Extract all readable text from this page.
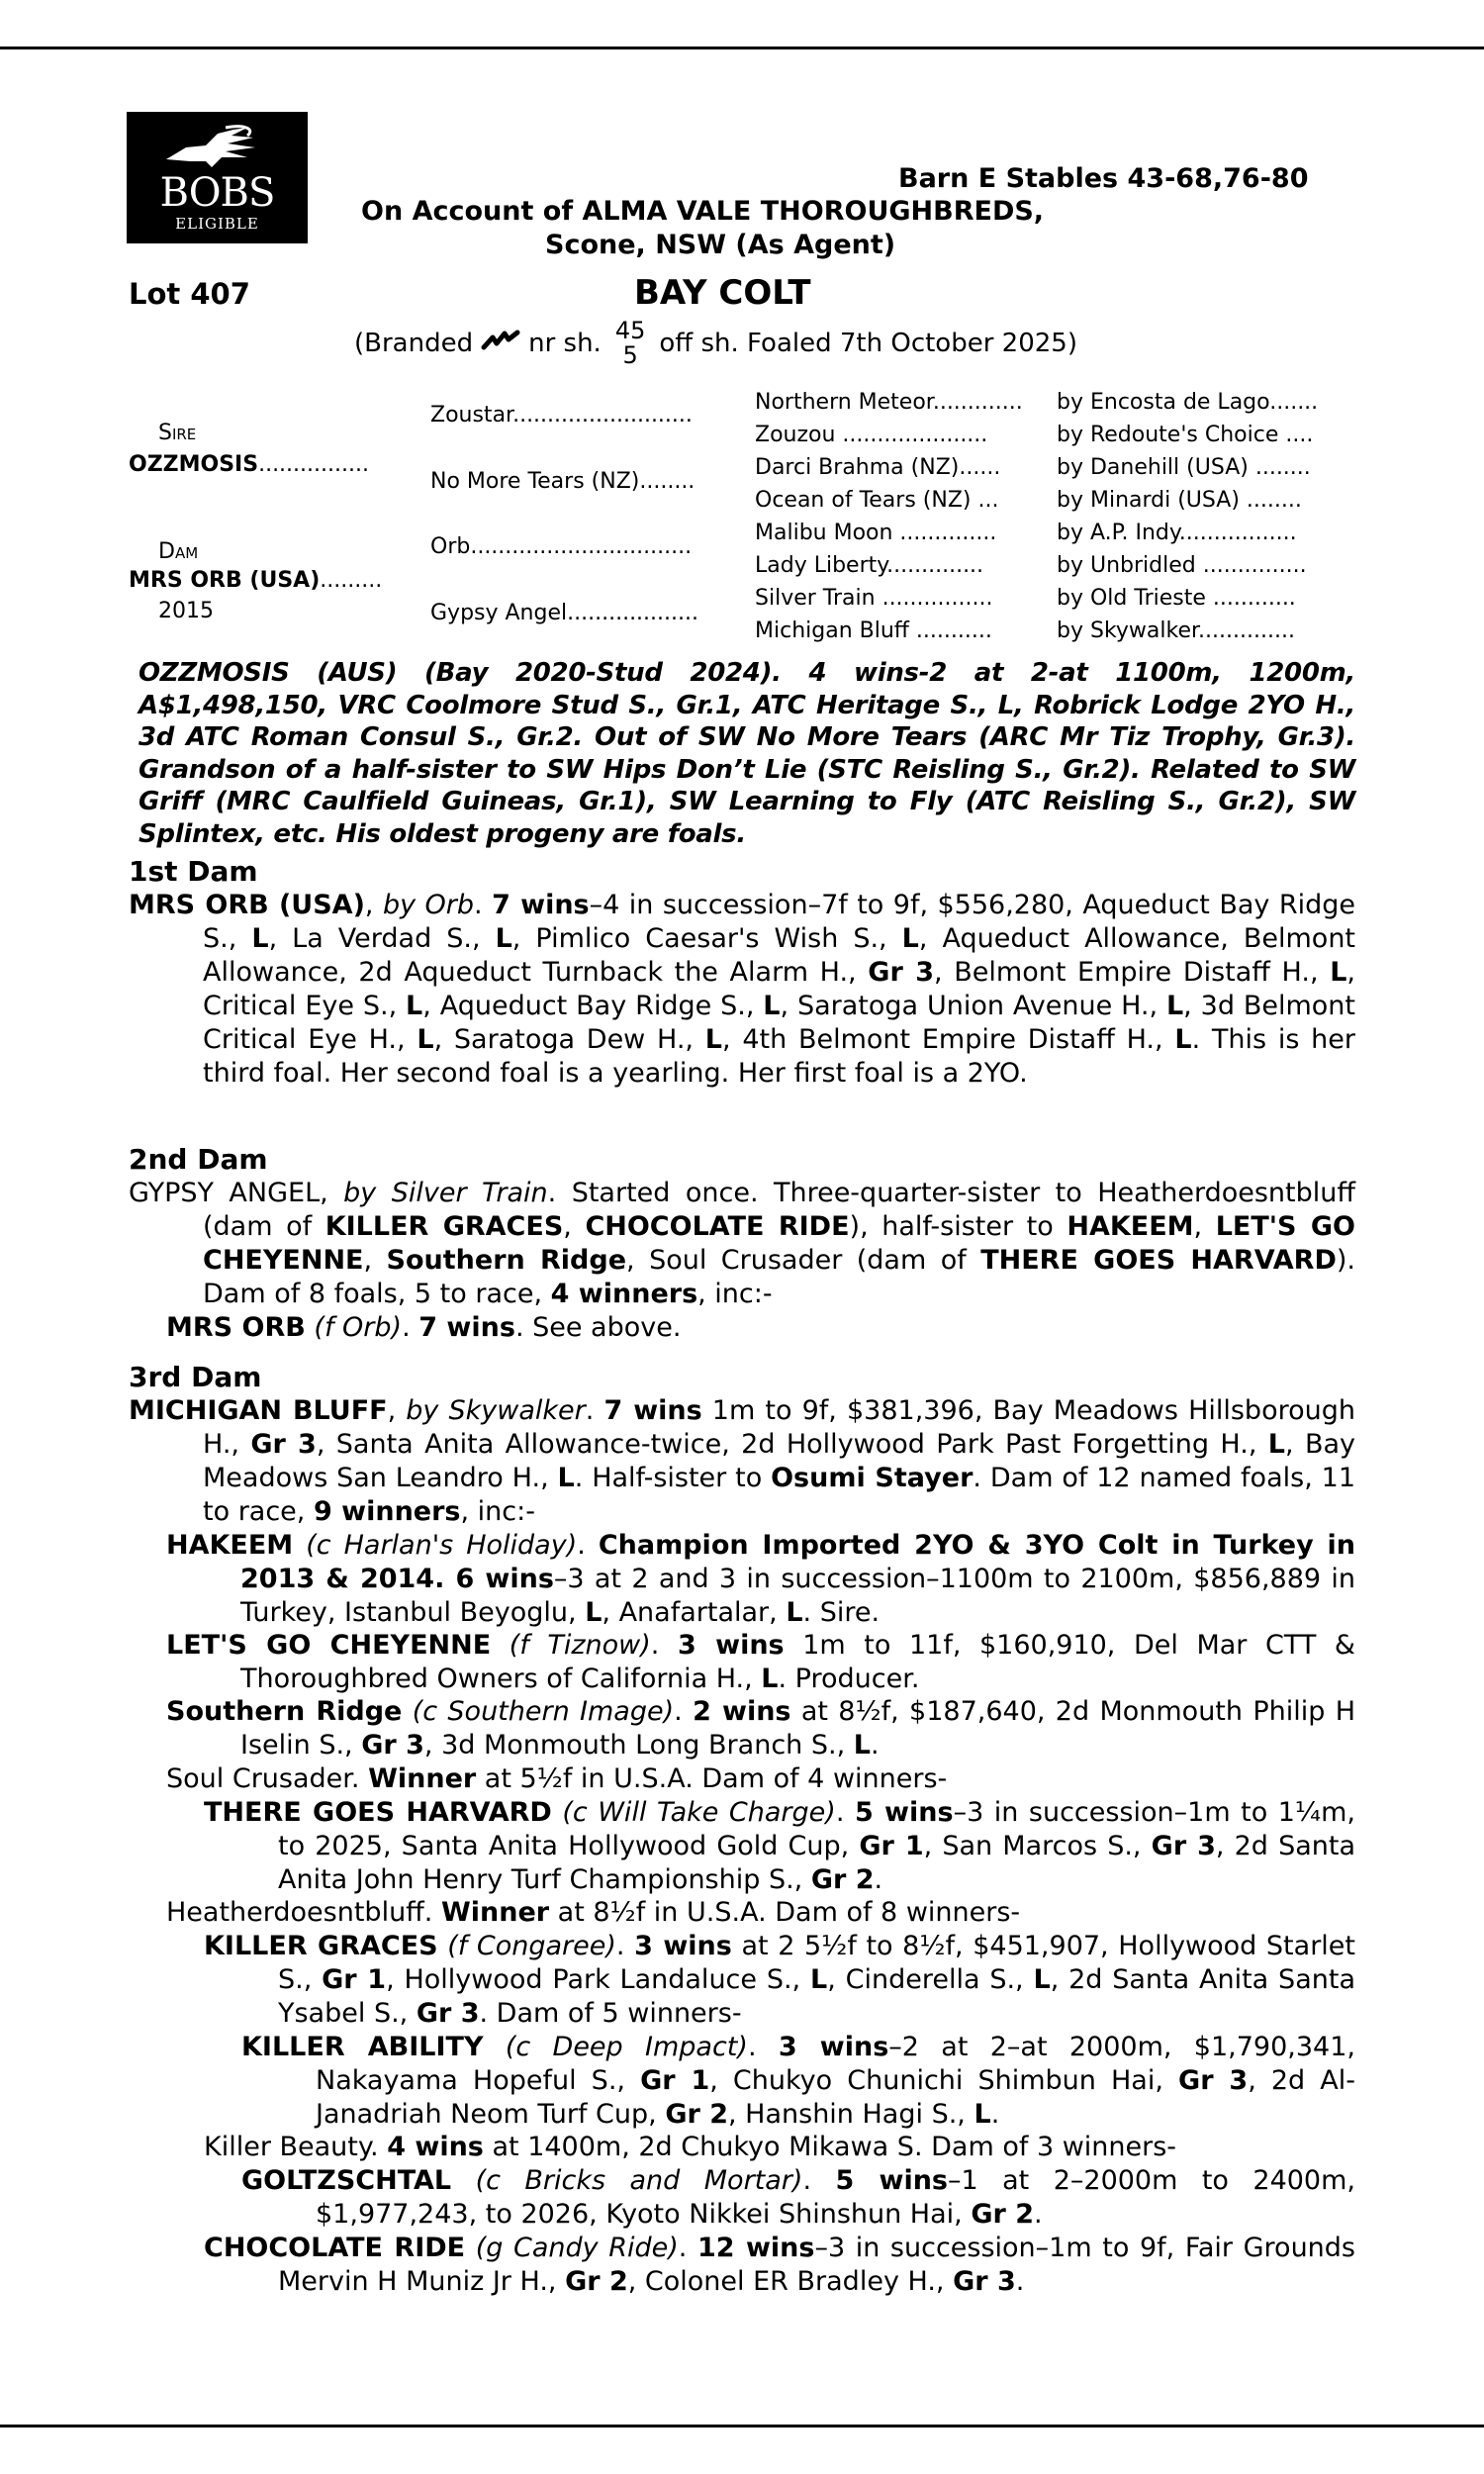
BOBS
ELIGIBLE
Barn E Stables 43-68,76-80
On Account of ALMA VALE THOROUGHBREDS,
Scone, NSW (As Agent)
Lot 407	BAY COLT
(Branded nr sh. 45
5 off sh. Foaled 7th October 2025)
Sire
OZZMOSIS................
Dam
MRS ORB (USA).........
2015
Zoustar..........................
No More Tears (NZ)........
Orb................................
Gypsy Angel...................
Northern Meteor.............
Zouzou .....................
Darci Brahma (NZ)......
Ocean of Tears (NZ) ...
Malibu Moon ..............
Lady Liberty..............
Silver Train ................
Michigan Bluff ...........
by Encosta de Lago.......
by Redoute's Choice ....
by Danehill (USA) ........
by Minardi (USA) ........
by A.P. Indy.................
by Unbridled ...............
by Old Trieste ............
by Skywalker..............
OZZMOSIS (AUS) (Bay 2020-Stud 2024). 4 wins-2 at 2-at 1100m, 1200m, A$1,498,150, VRC Coolmore Stud S., Gr.1, ATC Heritage S., L, Robrick Lodge 2YO H., 3d ATC Roman Consul S., Gr.2. Out of SW No More Tears (ARC Mr Tiz Trophy, Gr.3). Grandson of a half-sister to SW Hips Don’t Lie (STC Reisling S., Gr.2). Related to SW Griff (MRC Caulfield Guineas, Gr.1), SW Learning to Fly (ATC Reisling S., Gr.2), SW Splintex, etc. His oldest progeny are foals.
1st Dam
MRS ORB (USA), by Orb. 7 wins–4 in succession–7f to 9f, $556,280, Aqueduct Bay Ridge S., L, La Verdad S., L, Pimlico Caesar's Wish S., L, Aqueduct Allowance, Belmont Allowance, 2d Aqueduct Turnback the Alarm H., Gr 3, Belmont Empire Distaff H., L, Critical Eye S., L, Aqueduct Bay Ridge S., L, Saratoga Union Avenue H., L, 3d Belmont Critical Eye H., L, Saratoga Dew H., L, 4th Belmont Empire Distaff H., L. This is her third foal. Her second foal is a yearling. Her first foal is a 2YO.
2nd Dam
GYPSY ANGEL, by Silver Train. Started once. Three-quarter-sister to Heatherdoesntbluff (dam of KILLER GRACES, CHOCOLATE RIDE), half-sister to HAKEEM, LET'S GO CHEYENNE, Southern Ridge, Soul Crusader (dam of THERE GOES HARVARD). Dam of 8 foals, 5 to race, 4 winners, inc:-
MRS ORB (f Orb). 7 wins. See above.
3rd Dam
MICHIGAN BLUFF, by Skywalker. 7 wins 1m to 9f, $381,396, Bay Meadows Hillsborough H., Gr 3, Santa Anita Allowance-twice, 2d Hollywood Park Past Forgetting H., L, Bay Meadows San Leandro H., L. Half-sister to Osumi Stayer. Dam of 12 named foals, 11 to race, 9 winners, inc:-
HAKEEM (c Harlan's Holiday). Champion Imported 2YO & 3YO Colt in Turkey in 2013 & 2014. 6 wins–3 at 2 and 3 in succession–1100m to 2100m, $856,889 in Turkey, Istanbul Beyoglu, L, Anafartalar, L. Sire.
LET'S GO CHEYENNE (f Tiznow). 3 wins 1m to 11f, $160,910, Del Mar CTT & Thoroughbred Owners of California H., L. Producer.
Southern Ridge (c Southern Image). 2 wins at 8½f, $187,640, 2d Monmouth Philip H Iselin S., Gr 3, 3d Monmouth Long Branch S., L.
Soul Crusader. Winner at 5½f in U.S.A. Dam of 4 winners-
THERE GOES HARVARD (c Will Take Charge). 5 wins–3 in succession–1m to 1¼m, to 2025, Santa Anita Hollywood Gold Cup, Gr 1, San Marcos S., Gr 3, 2d Santa Anita John Henry Turf Championship S., Gr 2.
Heatherdoesntbluff. Winner at 8½f in U.S.A. Dam of 8 winners-
KILLER GRACES (f Congaree). 3 wins at 2 5½f to 8½f, $451,907, Hollywood Starlet S., Gr 1, Hollywood Park Landaluce S., L, Cinderella S., L, 2d Santa Anita Santa Ysabel S., Gr 3. Dam of 5 winners-
KILLER ABILITY (c Deep Impact). 3 wins–2 at 2–at 2000m, $1,790,341, Nakayama Hopeful S., Gr 1, Chukyo Chunichi Shimbun Hai, Gr 3, 2d Al-Janadriah Neom Turf Cup, Gr 2, Hanshin Hagi S., L.
Killer Beauty. 4 wins at 1400m, 2d Chukyo Mikawa S. Dam of 3 winners-
GOLTZSCHTAL (c Bricks and Mortar). 5 wins–1 at 2–2000m to 2400m, $1,977,243, to 2026, Kyoto Nikkei Shinshun Hai, Gr 2.
CHOCOLATE RIDE (g Candy Ride). 12 wins–3 in succession–1m to 9f, Fair Grounds Mervin H Muniz Jr H., Gr 2, Colonel ER Bradley H., Gr 3.
